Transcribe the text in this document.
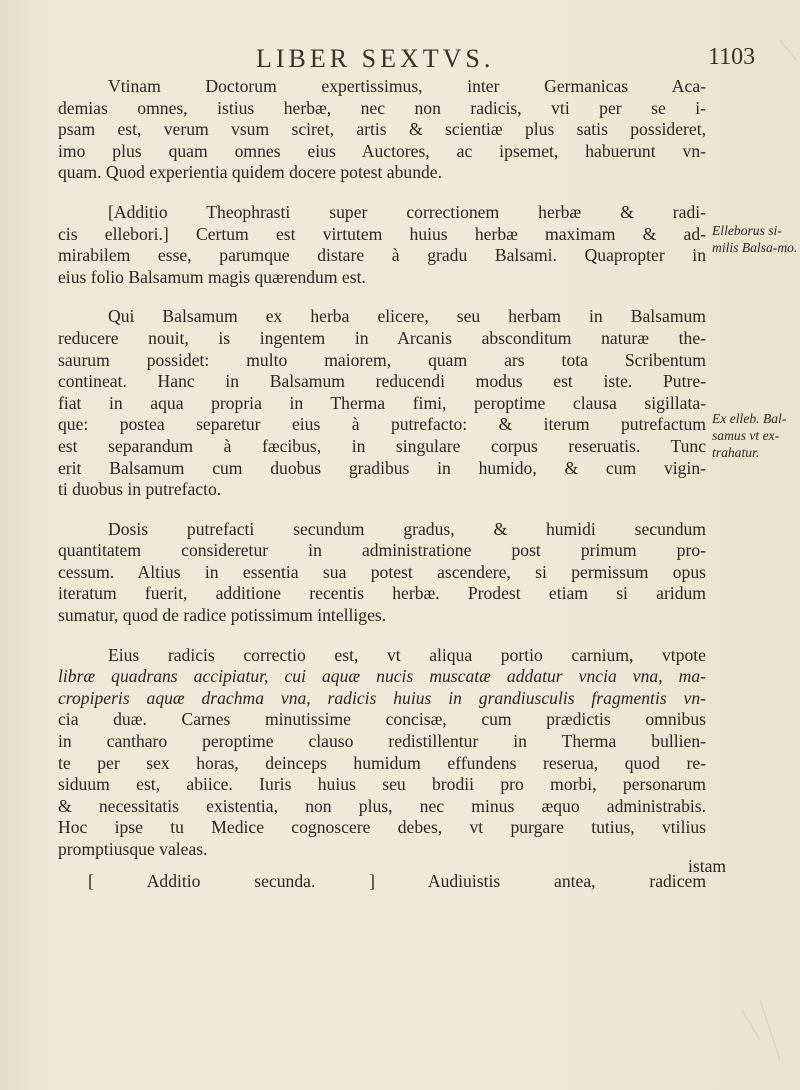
LIBER SEXTVS.	1103
Vtinam Doctorum expertissimus, inter Germanicas Aca-
demias omnes, istius herbæ, nec non radicis, vti per se i-
psam est, verum vsum sciret, artis & scientiæ plus satis possideret,
imo plus quam omnes eius Auctores, ac ipsemet, habuerunt vn-
quam. Quod experientia quidem docere potest abunde.
[Additio Theophrasti super correctionem herbæ & radi-
cis ellebori.] Certum est virtutem huius herbæ maximam & ad-
mirabilem esse, parumque distare à gradu Balsami. Quapropter in
eius folio Balsamum magis quærendum est.
Qui Balsamum ex herba elicere, seu herbam in Balsamum
reducere nouit, is ingentem in Arcanis absconditum naturæ the-
saurum possidet: multo maiorem, quam ars tota Scribentum
contineat. Hanc in Balsamum reducendi modus est iste. Putre-
fiat in aqua propria in Therma fimi, peroptime clausa sigillata-
que: postea separetur eius à putrefacto: & iterum putrefactum
est separandum à fæcibus, in singulare corpus reseruatis. Tunc
erit Balsamum cum duobus gradibus in humido, & cum vigin-
ti duobus in putrefacto.
Dosis putrefacti secundum gradus, & humidi secundum
quantitatem consideretur in administratione post primum pro-
cessum. Altius in essentia sua potest ascendere, si permissum opus
iteratum fuerit, additione recentis herbæ. Prodest etiam si aridum
sumatur, quod de radice potissimum intelliges.
Eius radicis correctio est, vt aliqua portio carnium, vtpote
libræ quadrans accipiatur, cui aquæ nucis muscatæ addatur vncia vna, ma-
cropiperis aquæ drachma vna, radicis huius in grandiusculis fragmentis vn-
cia duæ. Carnes minutissime concisæ, cum prædictis omnibus
in cantharo peroptime clauso redistillentur in Therma bullien-
te per sex horas, deinceps humidum effundens reserua, quod re-
siduum est, abiice. Iuris huius seu brodii pro morbi, personarum
& necessitatis existentia, non plus, nec minus æquo administrabis.
Hoc ipse tu Medice cognoscere debes, vt purgare tutius, vtilius
promptiusque valeas.
[ Additio secunda. ] Audiuistis antea, radicem
istam
Elleborus si-milis Balsa-mo.
Ex elleb. Bal-samus vt ex-trahatur.
